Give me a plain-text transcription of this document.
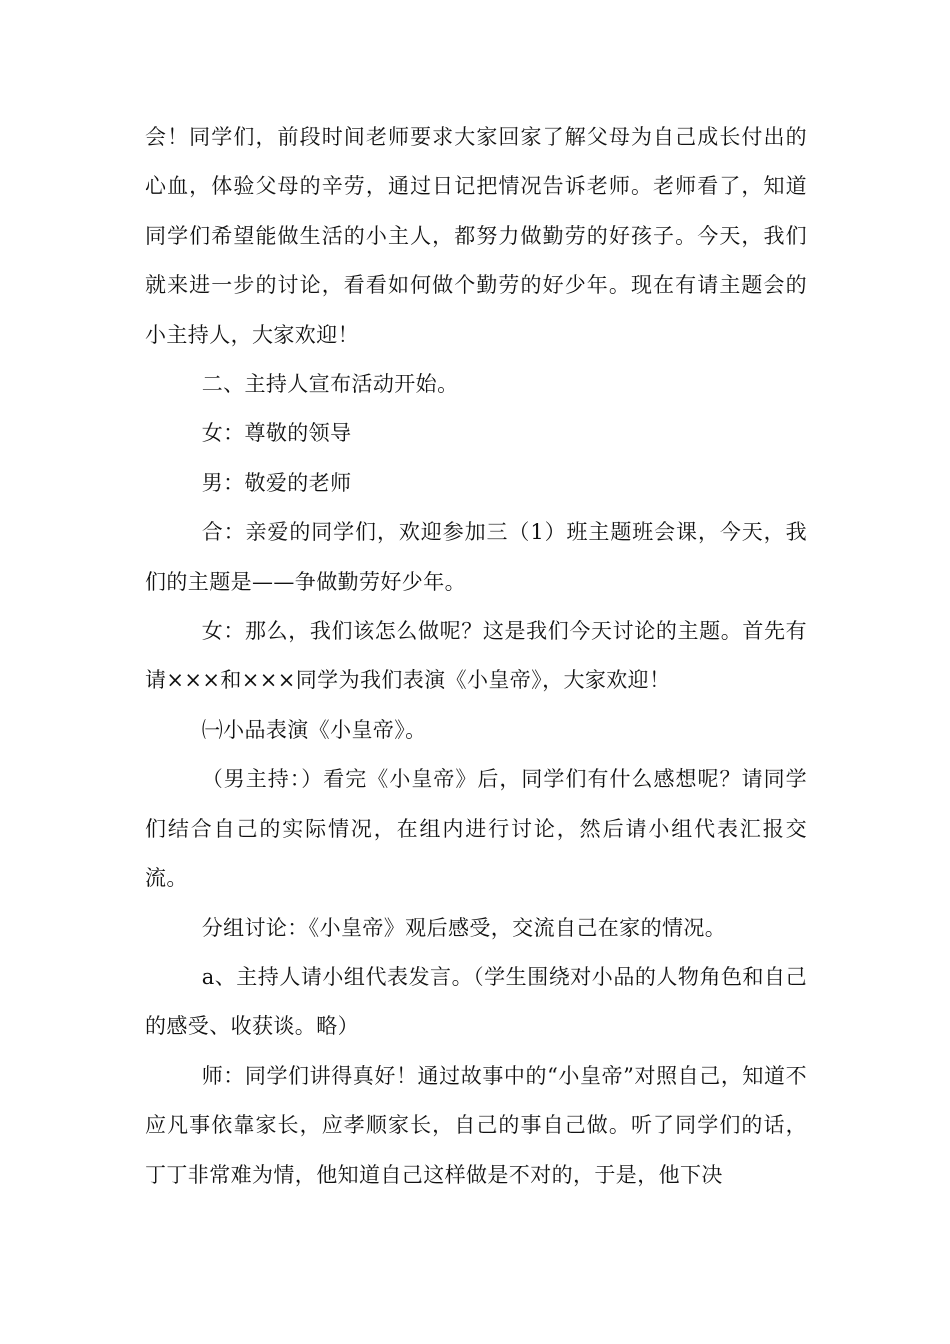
会！同学们，前段时间老师要求大家回家了解父母为自己成长付出的心血，体验父母的辛劳，通过日记把情况告诉老师。老师看了，知道同学们希望能做生活的小主人，都努力做勤劳的好孩子。今天，我们就来进一步的讨论，看看如何做个勤劳的好少年。现在有请主题会的小主持人，大家欢迎！

二、主持人宣布活动开始。

女：尊敬的领导

男：敬爱的老师

合：亲爱的同学们，欢迎参加三（1）班主题班会课，今天，我们的主题是——争做勤劳好少年。

女：那么，我们该怎么做呢？这是我们今天讨论的主题。首先有请×××和×××同学为我们表演《小皇帝》，大家欢迎！

㈠小品表演《小皇帝》。

（男主持：）看完《小皇帝》后，同学们有什么感想呢？请同学们结合自己的实际情况，在组内进行讨论，然后请小组代表汇报交流。

分组讨论：《小皇帝》观后感受，交流自己在家的情况。

a、主持人请小组代表发言。（学生围绕对小品的人物角色和自己的感受、收获谈。略）

师：同学们讲得真好！通过故事中的“小皇帝”对照自己，知道不应凡事依靠家长，应孝顺家长，自己的事自己做。听了同学们的话，丁丁非常难为情，他知道自己这样做是不对的，于是，他下决
